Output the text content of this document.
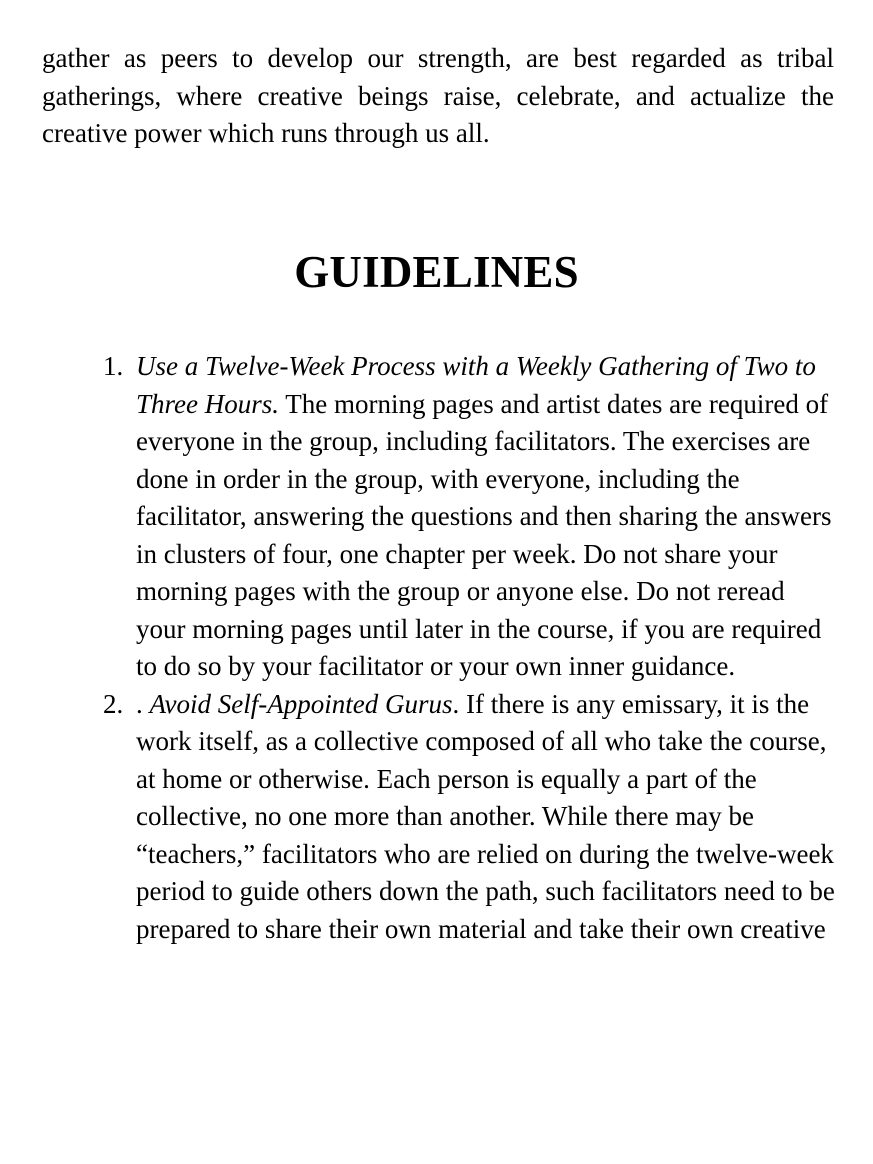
gather as peers to develop our strength, are best regarded as tribal gatherings, where creative beings raise, celebrate, and actualize the creative power which runs through us all.

GUIDELINES
1. Use a Twelve-Week Process with a Weekly Gathering of Two to Three Hours. The morning pages and artist dates are required of everyone in the group, including facilitators. The exercises are done in order in the group, with everyone, including the facilitator, answering the questions and then sharing the answers in clusters of four, one chapter per week. Do not share your morning pages with the group or anyone else. Do not reread your morning pages until later in the course, if you are required to do so by your facilitator or your own inner guidance.
2. . Avoid Self-Appointed Gurus. If there is any emissary, it is the work itself, as a collective composed of all who take the course, at home or otherwise. Each person is equally a part of the collective, no one more than another. While there may be “teachers,” facilitators who are relied on during the twelve-week period to guide others down the path, such facilitators need to be prepared to share their own material and take their own creative
